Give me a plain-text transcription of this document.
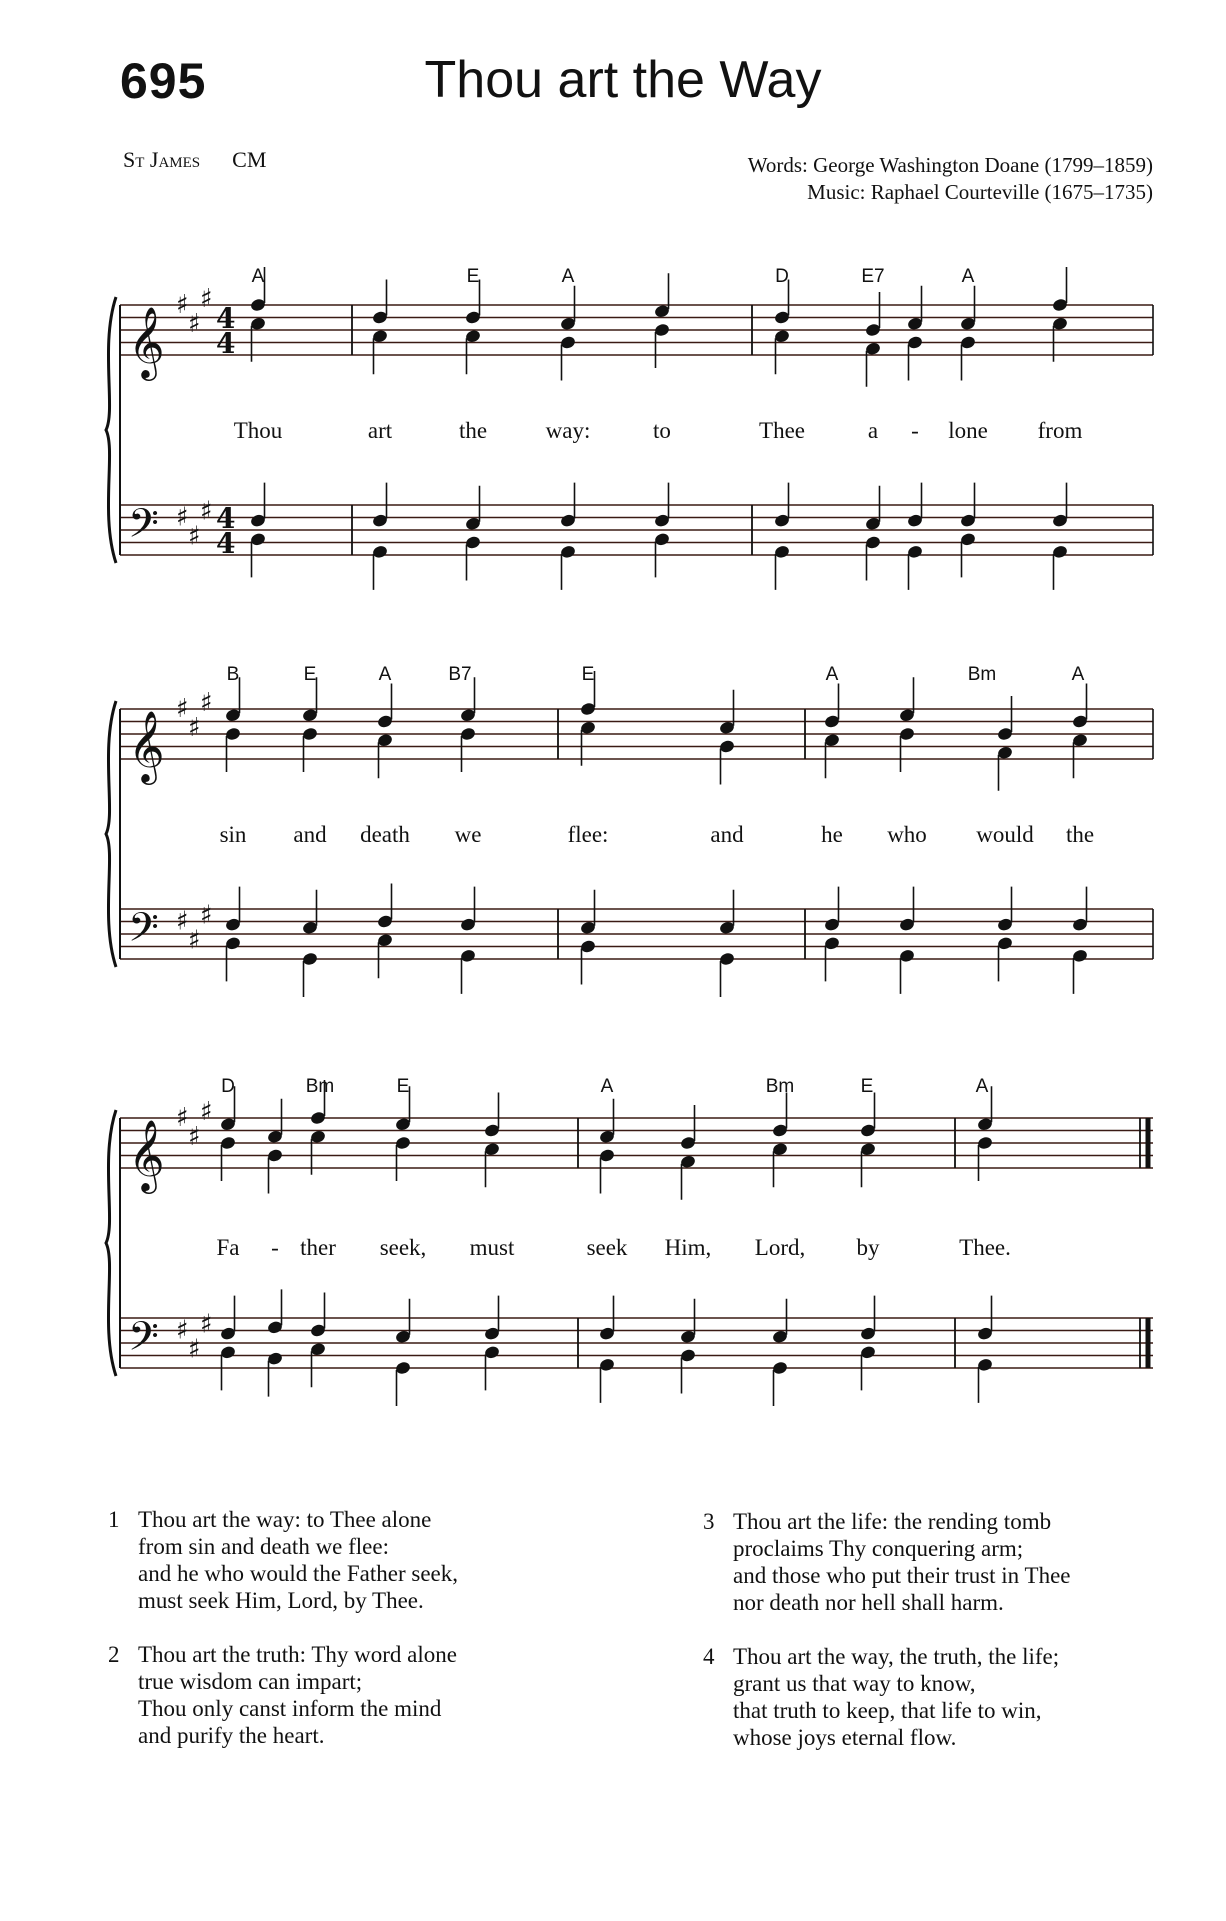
695	Thou art the Way
St James CM	Words: George Washington Doane (1799–1859)
Music: Raphael Courteville (1675–1735)
𝄞
𝄢
♯
♯
♯
♯
♯
♯
4
4
4
4
A	E	A	D	E7	A
Thou	art	the	way:	to	Thee	a - lone from
𝄞
𝄢
♯
♯
♯
♯
♯
♯
B	E	A	B7	E	A	Bm	A
sin and death we	flee:	and	he who would the
𝄞
𝄢
♯
♯
♯
♯
♯
♯
D	Bm	E	A	Bm	E	A
Fa - ther seek, must	seek Him, Lord, by	Thee.
1 Thou art the way: to Thee alone
from sin and death we flee:
and he who would the Father seek,
must seek Him, Lord, by Thee.
2 Thou art the truth: Thy word alone
true wisdom can impart;
Thou only canst inform the mind
and purify the heart.
3 Thou art the life: the rending tomb
proclaims Thy conquering arm;
and those who put their trust in Thee
nor death nor hell shall harm.
4 Thou art the way, the truth, the life;
grant us that way to know,
that truth to keep, that life to win,
whose joys eternal flow.
